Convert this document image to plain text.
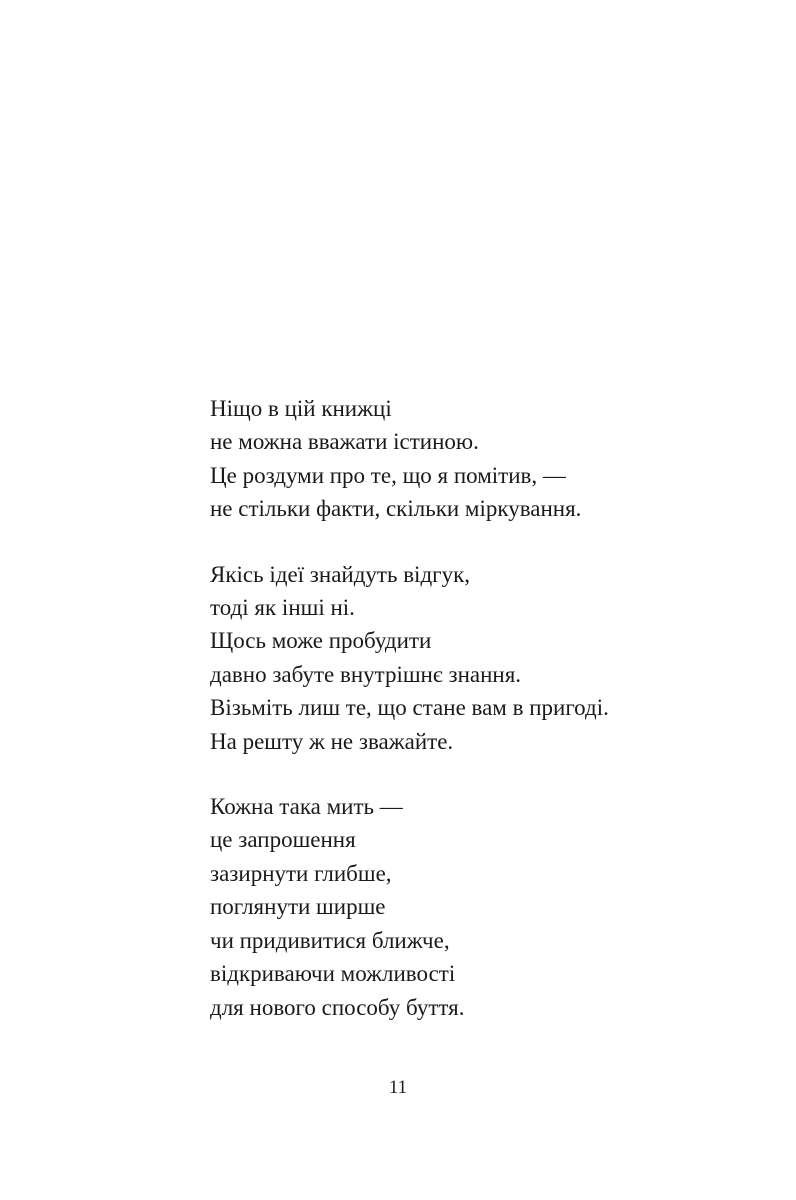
Ніщо в цій книжці
не можна вважати істиною.
Це роздуми про те, що я помітив, —
не стільки факти, скільки міркування.

Якісь ідеї знайдуть відгук,
тоді як інші ні.
Щось може пробудити
давно забуте внутрішнє знання.
Візьміть лиш те, що стане вам в пригоді.
На решту ж не зважайте.

Кожна така мить —
це запрошення
зазирнути глибше,
поглянути ширше
чи придивитися ближче,
відкриваючи можливості
для нового способу буття.

11
